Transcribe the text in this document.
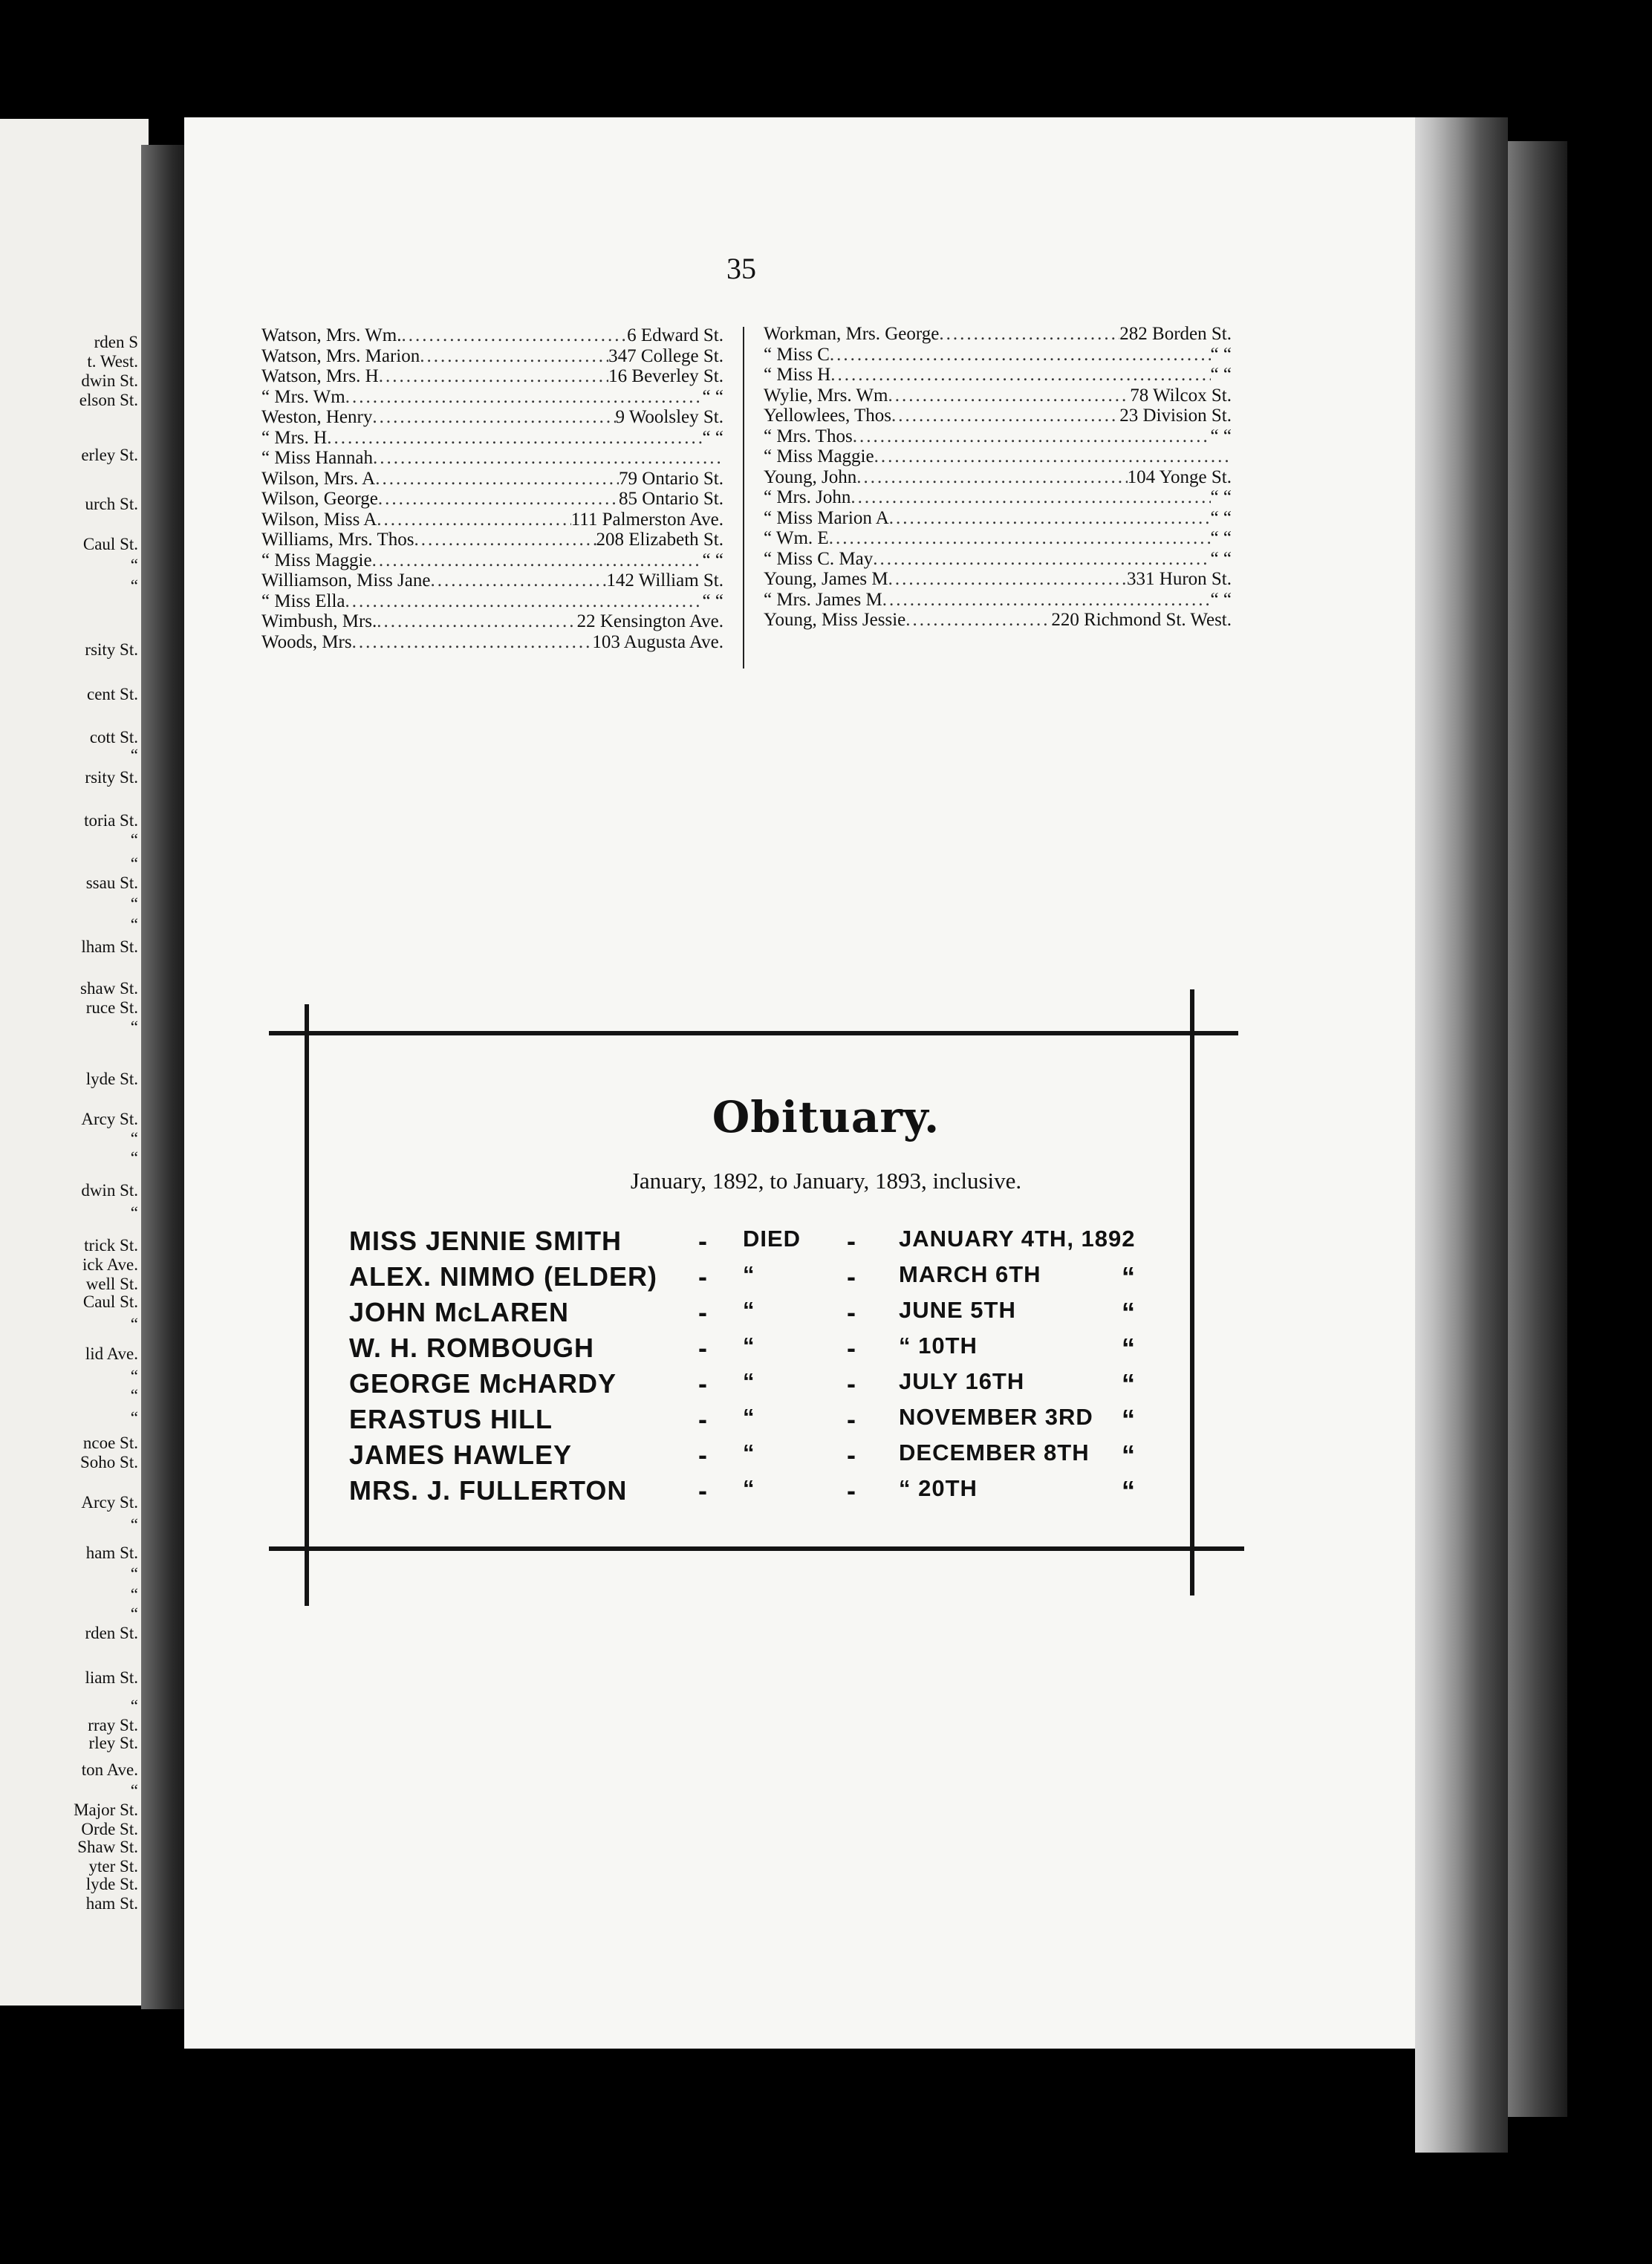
rden S
t. West.
dwin St.
elson St.
erley St.
urch St.
Caul St.
“
“
rsity St.
cent St.
cott St.
“
rsity St.
toria St.
“
“
ssau St.
“
“
lham St.
shaw St.
ruce St.
“
lyde St.
Arcy St.
“
“
dwin St.
“
trick St.
ick Ave.
well St.
Caul St.
“
lid Ave.
“
“
“
ncoe St.
Soho St.
Arcy St.
“
ham St.
“
“
“
rden St.
liam St.
“
rray St.
rley St.
ton Ave.
“
Major St.
Orde St.
Shaw St.
yter St.
lyde St.
ham St.
35
Watson, Mrs. Wm. .....	6 Edward St.
Watson, Mrs. Marion .....	347 College St.
Watson, Mrs. H .....	16 Beverley St.
“ Mrs. Wm .....	“ “
Weston, Henry .....	9 Woolsley St.
“ Mrs. H .....	“ “
“ Miss Hannah
.....
Wilson, Mrs. A .....	79 Ontario St.
Wilson, George .....	85 Ontario St.
Wilson, Miss A .....	111 Palmerston Ave.
Williams, Mrs. Thos .....	208 Elizabeth St.
“ Miss Maggie .....	“ “
Williamson, Miss Jane .....	142 William St.
“ Miss Ella .....	“ “
Wimbush, Mrs. .....	22 Kensington Ave.
Woods, Mrs .....	103 Augusta Ave.
Workman, Mrs. George .....	282 Borden St.
“ Miss C .....	“ “
“ Miss H .....	“ “
Wylie, Mrs. Wm .....	78 Wilcox St.
Yellowlees, Thos .....	23 Division St.
“ Mrs. Thos .....	“ “
“ Miss Maggie
.....
Young, John .....	104 Yonge St.
“ Mrs. John .....	“ “
“ Miss Marion A .....	“ “
“ Wm. E .....	“ “
“ Miss C. May .....	“ “
Young, James M .....	331 Huron St.
“ Mrs. James M .....	“ “
Young, Miss Jessie .....	220 Richmond St. West.
Obituary.
January, 1892, to January, 1893, inclusive.
MISS JENNIE SMITH	- DIED - JANUARY 4TH, 1892
ALEX. NIMMO (ELDER) - “	- MARCH 6TH	“
JOHN McLAREN	- “	- JUNE 5TH	“
W. H. ROMBOUGH	- “	- “ 10TH	“
GEORGE McHARDY	- “	- JULY 16TH	“
ERASTUS HILL	- “	- NOVEMBER 3RD “
JAMES HAWLEY	- “	- DECEMBER 8TH “
MRS. J. FULLERTON	- “	- “ 20TH	“
